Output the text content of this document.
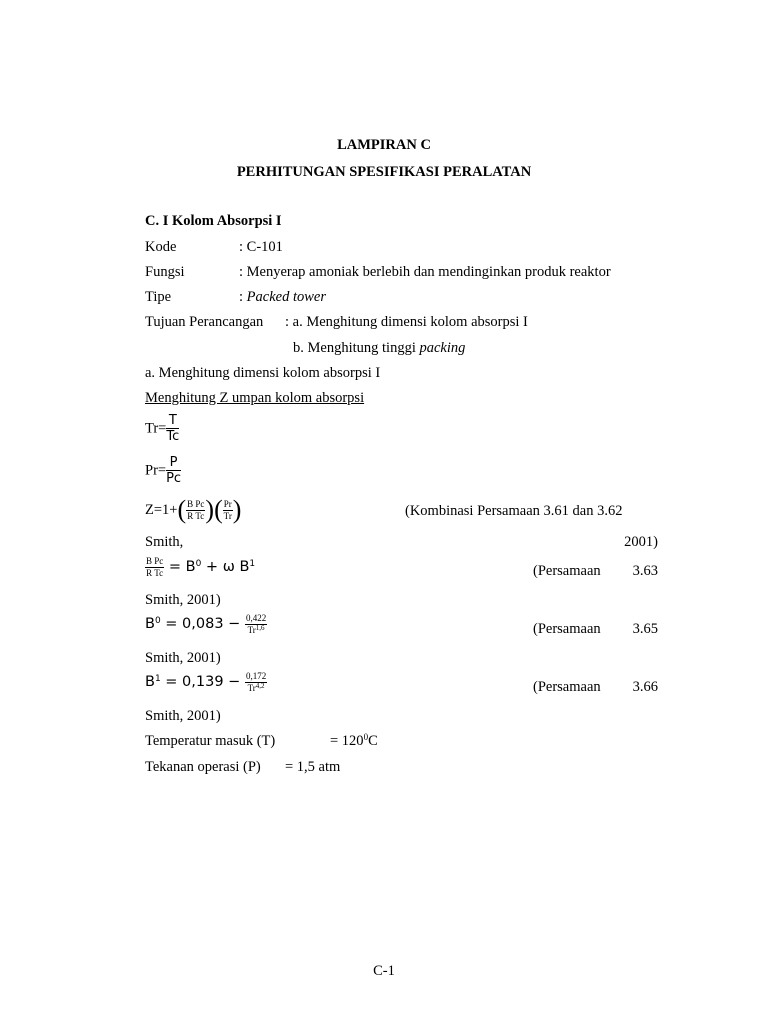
LAMPIRAN C
PERHITUNGAN SPESIFIKASI PERALATAN
C. I Kolom Absorpsi I
Kode	: C-101
Fungsi	: Menyerap amoniak berlebih dan mendinginkan produk reaktor
Tipe	: Packed tower
Tujuan Perancangan : a. Menghitung dimensi kolom absorpsi I
b. Menghitung tinggi packing
a. Menghitung dimensi kolom absorpsi I
Menghitung Z umpan kolom absorpsi
$Tr= \frac{T}{Tc}$
$Pr= \frac{P}{Pc}$
$Z=1+( \frac{\text{B Pc}}{\text{R Tc}}$ )( $\frac{Pr}{Tr}$ )	(Kombinasi Persamaan 3.61 dan 3.62
Smith,	2001)
$\frac{\text{B Pc}}{\text{R Tc}} = B^0 + \omega$ $B^1$	(Persamaan 3.63
Smith, 2001)
$B^0 = 0,083 - \frac{0,422}{Tr^{1,6}}$	(Persamaan 3.65
Smith, 2001)
$B^1 = 0,139 - \frac{0,172}{Tr^{4,2}}$	(Persamaan 3.66
Smith, 2001)
Temperatur masuk (T)	= $120^0C$
Tekanan operasi (P) = 1,5 atm
C-1
